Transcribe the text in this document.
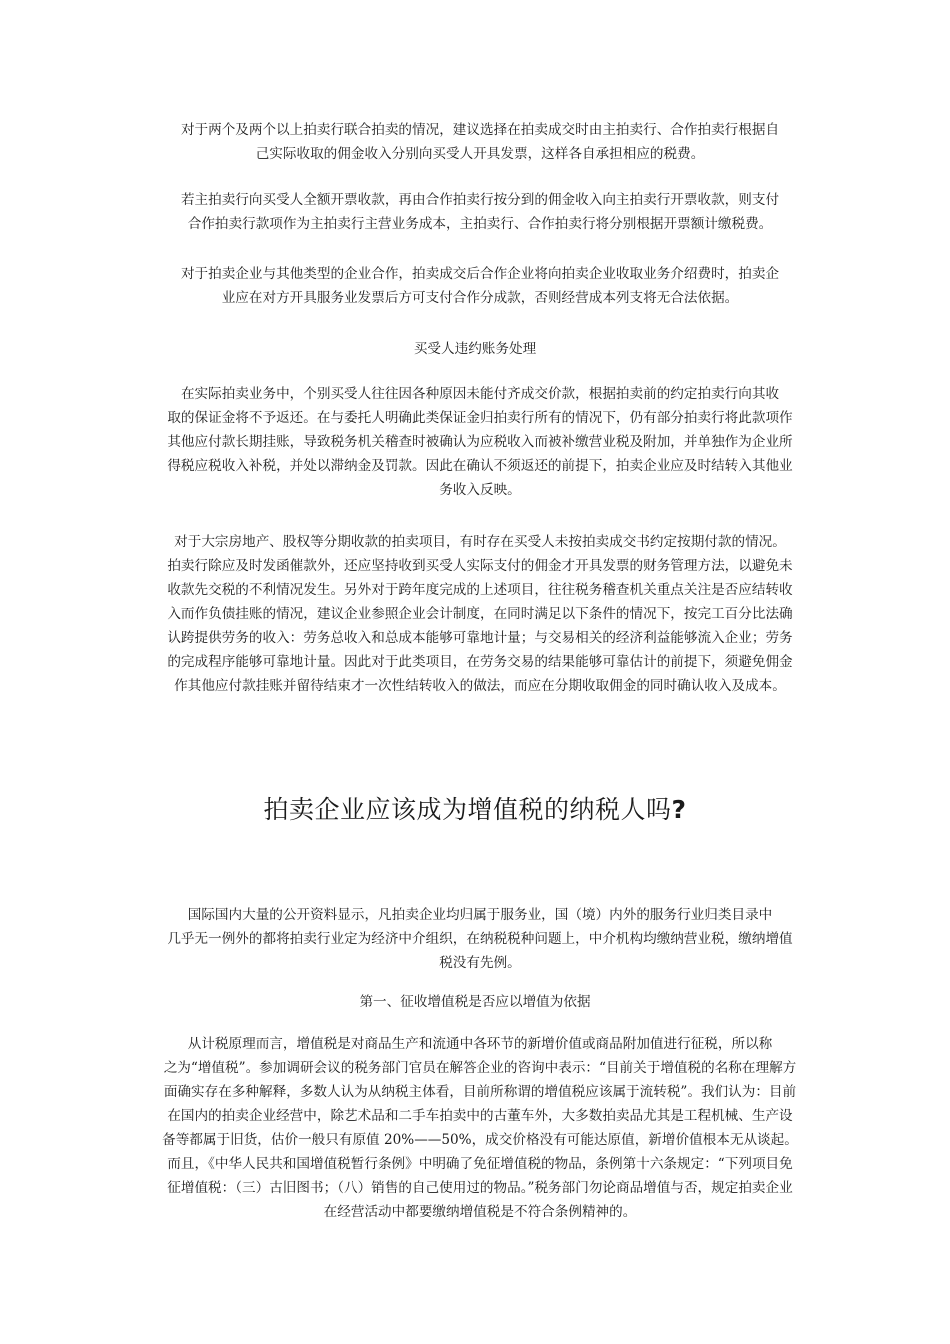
对于两个及两个以上拍卖行联合拍卖的情况，建议选择在拍卖成交时由主拍卖行、合作拍卖行根据自
己实际收取的佣金收入分别向买受人开具发票，这样各自承担相应的税费。
若主拍卖行向买受人全额开票收款，再由合作拍卖行按分到的佣金收入向主拍卖行开票收款，则支付
合作拍卖行款项作为主拍卖行主营业务成本，主拍卖行、合作拍卖行将分别根据开票额计缴税费。
对于拍卖企业与其他类型的企业合作，拍卖成交后合作企业将向拍卖企业收取业务介绍费时，拍卖企
业应在对方开具服务业发票后方可支付合作分成款，否则经营成本列支将无合法依据。

买受人违约账务处理

在实际拍卖业务中，个别买受人往往因各种原因未能付齐成交价款，根据拍卖前的约定拍卖行向其收
取的保证金将不予返还。在与委托人明确此类保证金归拍卖行所有的情况下，仍有部分拍卖行将此款项作
其他应付款长期挂账，导致税务机关稽查时被确认为应税收入而被补缴营业税及附加，并单独作为企业所
得税应税收入补税，并处以滞纳金及罚款。因此在确认不须返还的前提下，拍卖企业应及时结转入其他业
务收入反映。
对于大宗房地产、股权等分期收款的拍卖项目，有时存在买受人未按拍卖成交书约定按期付款的情况。
拍卖行除应及时发函催款外，还应坚持收到买受人实际支付的佣金才开具发票的财务管理方法，以避免未
收款先交税的不利情况发生。另外对于跨年度完成的上述项目，往往税务稽查机关重点关注是否应结转收
入而作负债挂账的情况，建议企业参照企业会计制度，在同时满足以下条件的情况下，按完工百分比法确
认跨提供劳务的收入：劳务总收入和总成本能够可靠地计量；与交易相关的经济利益能够流入企业；劳务
的完成程序能够可靠地计量。因此对于此类项目，在劳务交易的结果能够可靠估计的前提下，须避免佣金
作其他应付款挂账并留待结束才一次性结转收入的做法，而应在分期收取佣金的同时确认收入及成本。
拍卖企业应该成为增值税的纳税人吗?
国际国内大量的公开资料显示，凡拍卖企业均归属于服务业，国（境）内外的服务行业归类目录中
几乎无一例外的都将拍卖行业定为经济中介组织，在纳税税种问题上，中介机构均缴纳营业税，缴纳增值
税没有先例。

第一、征收增值税是否应以增值为依据

从计税原理而言，增值税是对商品生产和流通中各环节的新增价值或商品附加值进行征税，所以称
之为“增值税”。参加调研会议的税务部门官员在解答企业的咨询中表示：“目前关于增值税的名称在理解方
面确实存在多种解释，多数人认为从纳税主体看，目前所称谓的增值税应该属于流转税”。我们认为：目前
在国内的拍卖企业经营中，除艺术品和二手车拍卖中的古董车外，大多数拍卖品尤其是工程机械、生产设
备等都属于旧货，估价一般只有原值 20%——50%，成交价格没有可能达原值，新增价值根本无从谈起。
而且，《中华人民共和国增值税暂行条例》中明确了免征增值税的物品，条例第十六条规定：“下列项目免
征增值税：（三）古旧图书；（八）销售的自己使用过的物品。”税务部门勿论商品增值与否，规定拍卖企业
在经营活动中都要缴纳增值税是不符合条例精神的。
